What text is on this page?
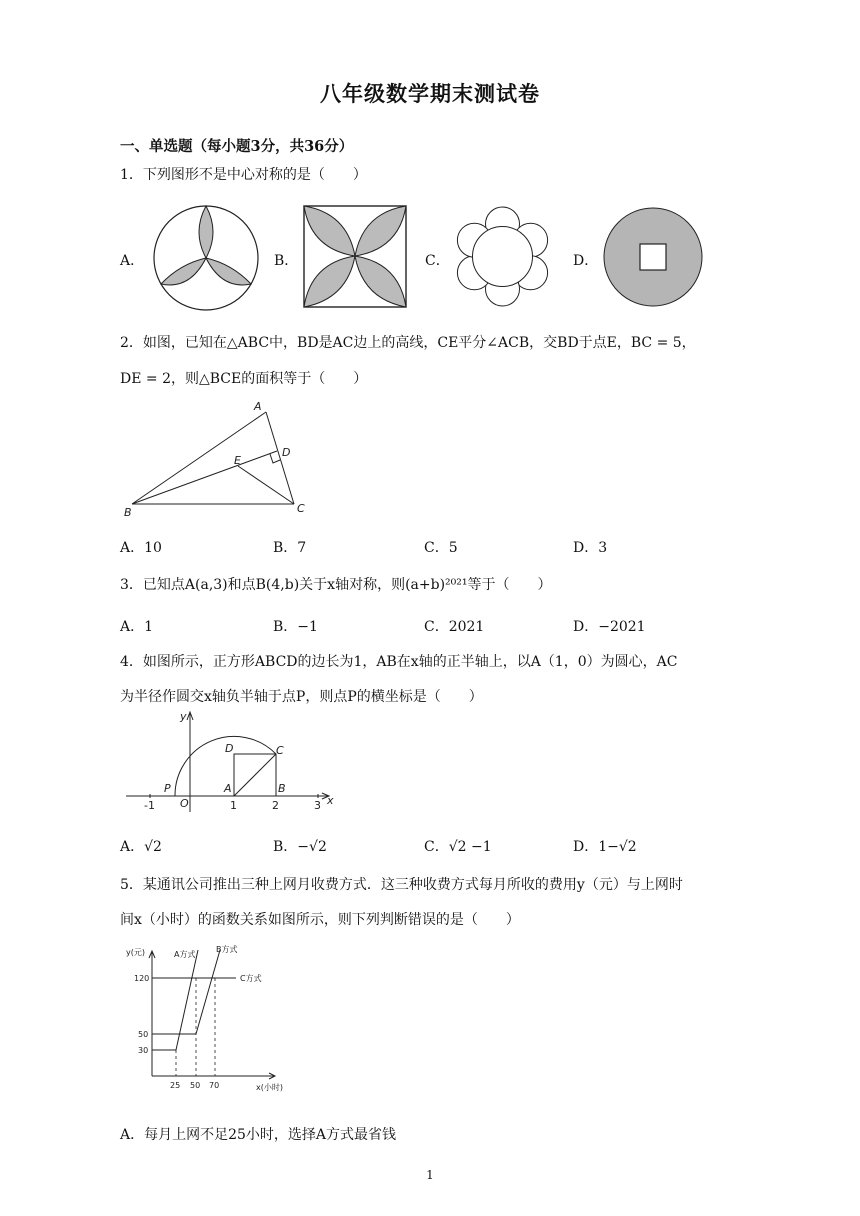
八年级数学期末测试卷
一、单选题（每小题3分，共36分）
1．下列图形不是中心对称的是（　　）
A．	B．	C．	D．
2．如图，已知在△ABC中，BD是AC边上的高线，CE平分∠ACB，交BD于点E，BC = 5，
DE = 2，则△BCE的面积等于（　　）
A
B	C
D
E
A．10	B．7	C．5	D．3
3．已知点A(a,3)和点B(4,b)关于x轴对称，则(a+b)²⁰²¹等于（　　）
A．1	B．−1	C．2021	D．−2021
4．如图所示，正方形ABCD的边长为1，AB在x轴的正半轴上，以A（1，0）为圆心，AC
为半径作圆交x轴负半轴于点P，则点P的横坐标是（　　）
y
x
D	C
P
O
A	B
-1	1	2	3
A．√2	B．−√2	C．√2 −1	D．1−√2
5．某通讯公司推出三种上网月收费方式．这三种收费方式每月所收的费用y（元）与上网时
间x（小时）的函数关系如图所示，则下列判断错误的是（　　）
y(元)
x(小时)
A方式
B方式
C方式
120
50
30
25 50 70
A．每月上网不足25小时，选择A方式最省钱
1
